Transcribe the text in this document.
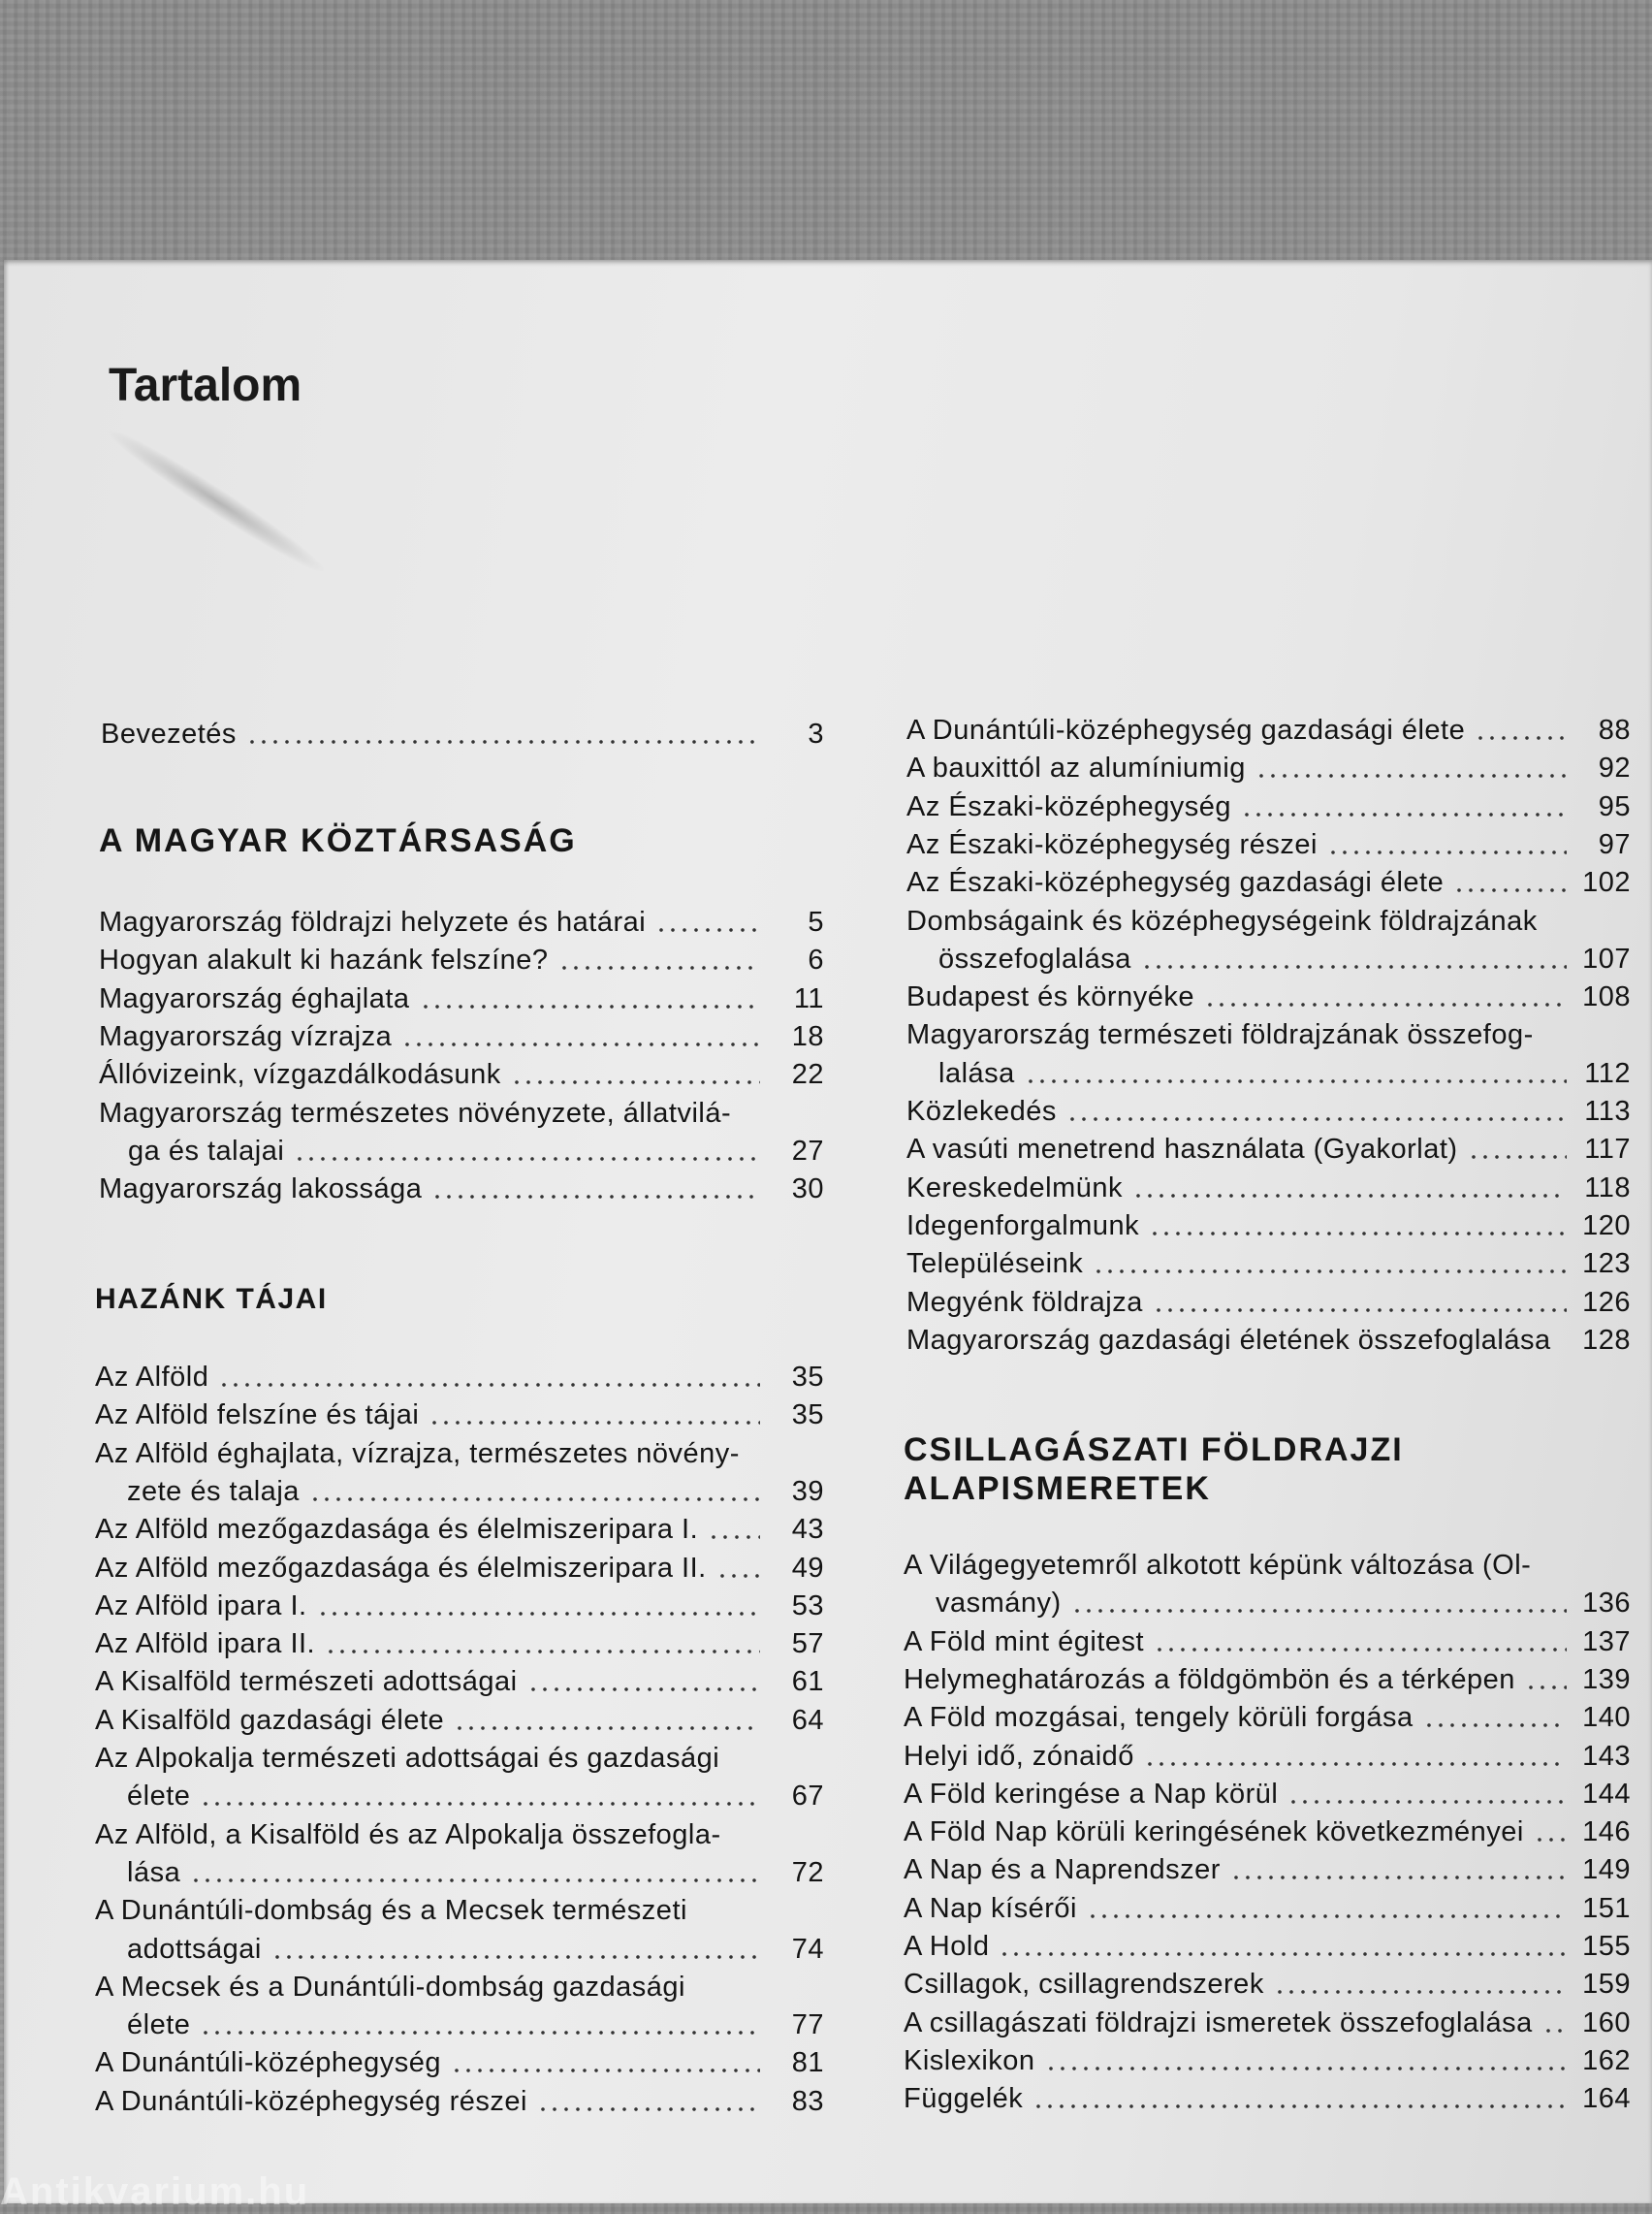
Tartalom
A MAGYAR KÖZTÁRSASÁG
HAZÁNK TÁJAI
CSILLAGÁSZATI FÖLDRAJZI
ALAPISMERETEK
Bevezetés	3
Magyarország földrajzi helyzete és határai	5
Hogyan alakult ki hazánk felszíne?	6
Magyarország éghajlata	11
Magyarország vízrajza	18
Állóvizeink, vízgazdálkodásunk	22
Magyarország természetes növényzete, állatvilá-
ga és talajai	27
Magyarország lakossága	30
Az Alföld	35
Az Alföld felszíne és tájai	35
Az Alföld éghajlata, vízrajza, természetes növény-
zete és talaja	39
Az Alföld mezőgazdasága és élelmiszeripara I.	43
Az Alföld mezőgazdasága és élelmiszeripara II.	49
Az Alföld ipara I.	53
Az Alföld ipara II.	57
A Kisalföld természeti adottságai	61
A Kisalföld gazdasági élete	64
Az Alpokalja természeti adottságai és gazdasági
élete	67
Az Alföld, a Kisalföld és az Alpokalja összefogla-
lása	72
A Dunántúli-dombság és a Mecsek természeti
adottságai	74
A Mecsek és a Dunántúli-dombság gazdasági
élete	77
A Dunántúli-középhegység	81
A Dunántúli-középhegység részei	83
A Dunántúli-középhegység gazdasági élete	88
A bauxittól az alumíniumig	92
Az Északi-középhegység	95
Az Északi-középhegység részei	97
Az Északi-középhegység gazdasági élete	102
Dombságaink és középhegységeink földrajzának
összefoglalása	107
Budapest és környéke	108
Magyarország természeti földrajzának összefog-
lalása	112
Közlekedés	113
A vasúti menetrend használata (Gyakorlat)	117
Kereskedelmünk	118
Idegenforgalmunk	120
Településeink	123
Megyénk földrajza	126
Magyarország gazdasági életének összefoglalása 128
A Világegyetemről alkotott képünk változása (Ol-
vasmány)	136
A Föld mint égitest	137
Helymeghatározás a földgömbön és a térképen 139
A Föld mozgásai, tengely körüli forgása	140
Helyi idő, zónaidő	143
A Föld keringése a Nap körül	144
A Föld Nap körüli keringésének következményei 146
A Nap és a Naprendszer	149
A Nap kísérői	151
A Hold	155
Csillagok, csillagrendszerek	159
A csillagászati földrajzi ismeretek összefoglalása 160
Kislexikon	162
Függelék	164
Antikvarium.hu
